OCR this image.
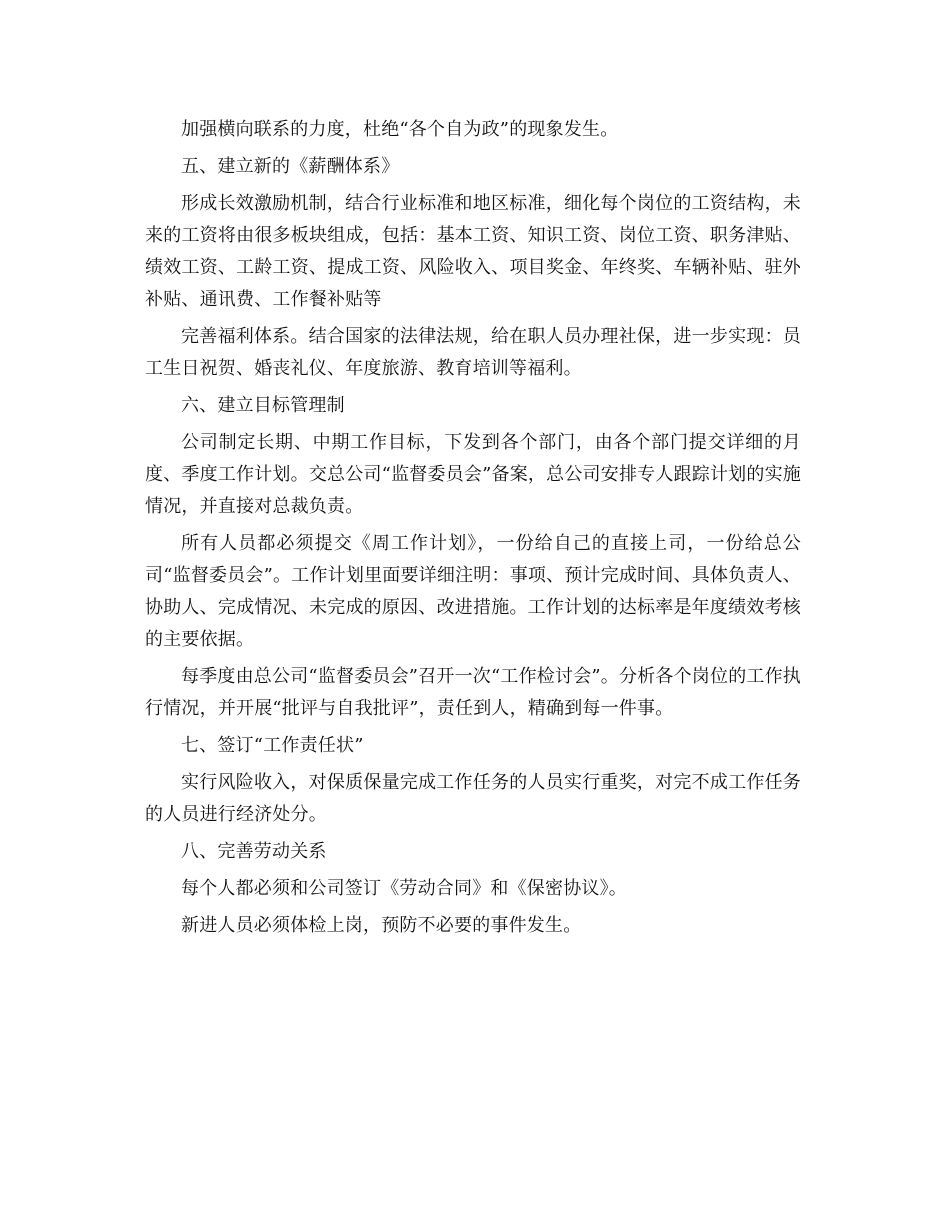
加强横向联系的力度，杜绝“各个自为政”的现象发生。

五、建立新的《薪酬体系》

形成长效激励机制，结合行业标准和地区标准，细化每个岗位的工资结构，未来的工资将由很多板块组成，包括：基本工资、知识工资、岗位工资、职务津贴、绩效工资、工龄工资、提成工资、风险收入、项目奖金、年终奖、车辆补贴、驻外补贴、通讯费、工作餐补贴等

完善福利体系。结合国家的法律法规，给在职人员办理社保，进一步实现：员工生日祝贺、婚丧礼仪、年度旅游、教育培训等福利。

六、建立目标管理制

公司制定长期、中期工作目标，下发到各个部门，由各个部门提交详细的月度、季度工作计划。交总公司“监督委员会”备案，总公司安排专人跟踪计划的实施情况，并直接对总裁负责。

所有人员都必须提交《周工作计划》，一份给自己的直接上司，一份给总公司“监督委员会”。工作计划里面要详细注明：事项、预计完成时间、具体负责人、协助人、完成情况、未完成的原因、改进措施。工作计划的达标率是年度绩效考核的主要依据。

每季度由总公司“监督委员会”召开一次“工作检讨会”。分析各个岗位的工作执行情况，并开展“批评与自我批评”，责任到人，精确到每一件事。

七、签订“工作责任状”

实行风险收入，对保质保量完成工作任务的人员实行重奖，对完不成工作任务的人员进行经济处分。

八、完善劳动关系

每个人都必须和公司签订《劳动合同》和《保密协议》。

新进人员必须体检上岗，预防不必要的事件发生。
